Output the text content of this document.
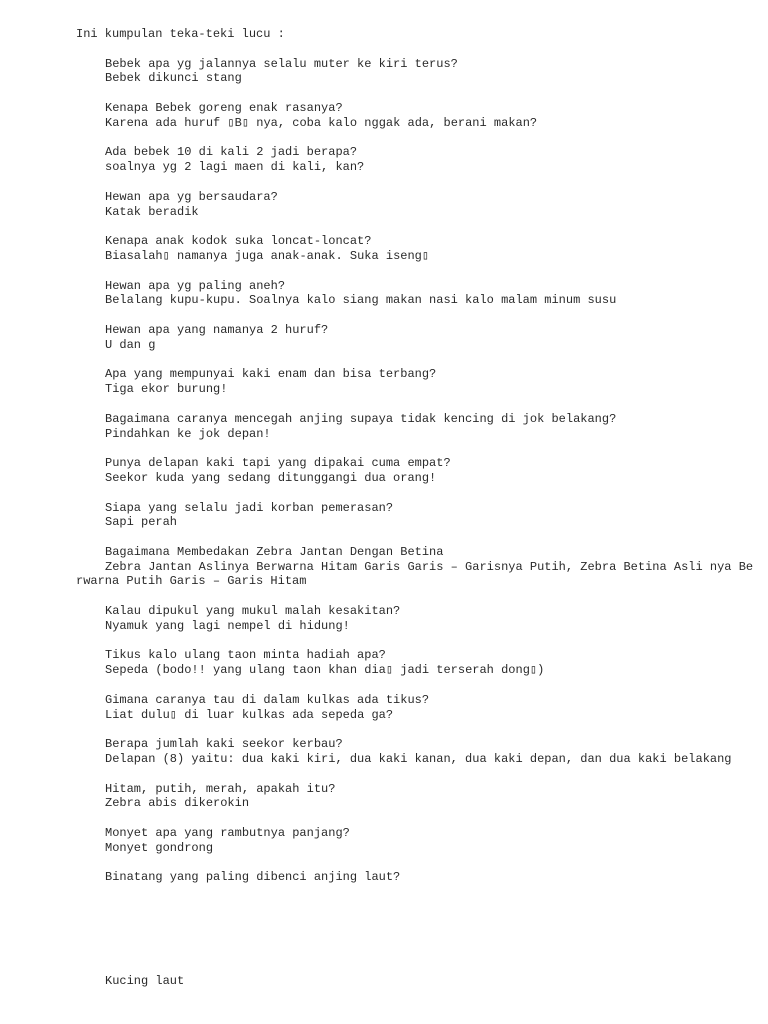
Ini kumpulan teka-teki lucu :
Bebek apa yg jalannya selalu muter ke kiri terus?
Bebek dikunci stang
Kenapa Bebek goreng enak rasanya?
Karena ada huruf ▯B▯ nya, coba kalo nggak ada, berani makan?
Ada bebek 10 di kali 2 jadi berapa?
soalnya yg 2 lagi maen di kali, kan?
Hewan apa yg bersaudara?
Katak beradik
Kenapa anak kodok suka loncat-loncat?
Biasalah▯ namanya juga anak-anak. Suka iseng▯
Hewan apa yg paling aneh?
Belalang kupu-kupu. Soalnya kalo siang makan nasi kalo malam minum susu
Hewan apa yang namanya 2 huruf?
U dan g
Apa yang mempunyai kaki enam dan bisa terbang?
Tiga ekor burung!
Bagaimana caranya mencegah anjing supaya tidak kencing di jok belakang?
Pindahkan ke jok depan!
Punya delapan kaki tapi yang dipakai cuma empat?
Seekor kuda yang sedang ditunggangi dua orang!
Siapa yang selalu jadi korban pemerasan?
Sapi perah
Bagaimana Membedakan Zebra Jantan Dengan Betina
Zebra Jantan Aslinya Berwarna Hitam Garis Garis – Garisnya Putih, Zebra Betina Asli nya Berwarna Putih Garis – Garis Hitam
Kalau dipukul yang mukul malah kesakitan?
Nyamuk yang lagi nempel di hidung!
Tikus kalo ulang taon minta hadiah apa?
Sepeda (bodo!! yang ulang taon khan dia▯ jadi terserah dong▯)
Gimana caranya tau di dalam kulkas ada tikus?
Liat dulu▯ di luar kulkas ada sepeda ga?
Berapa jumlah kaki seekor kerbau?
Delapan (8) yaitu: dua kaki kiri, dua kaki kanan, dua kaki depan, dan dua kaki belakang
Hitam, putih, merah, apakah itu?
Zebra abis dikerokin
Monyet apa yang rambutnya panjang?
Monyet gondrong
Binatang yang paling dibenci anjing laut?
Kucing laut
